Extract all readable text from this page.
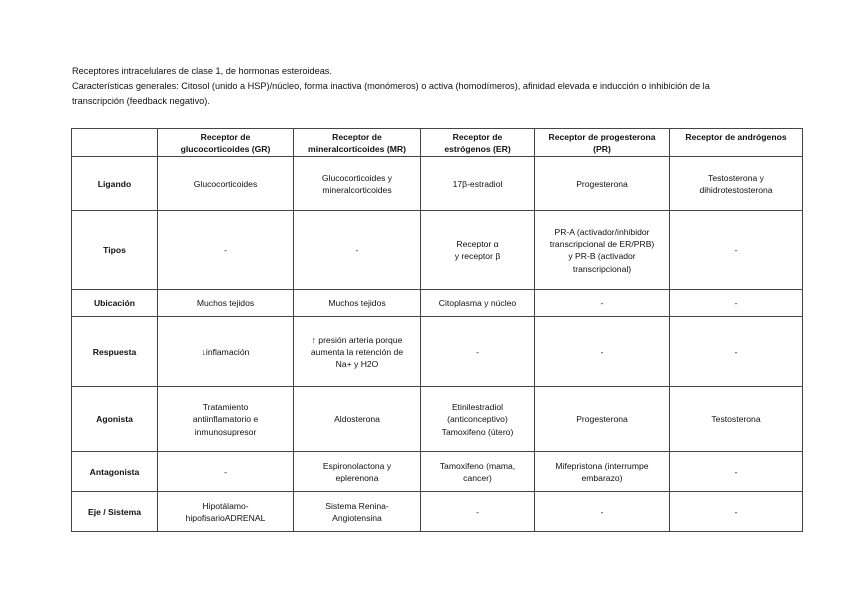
Receptores intracelulares de clase 1, de hormonas esteroideas.

Características generales: Citosol (unido a HSP)/núcleo, forma inactiva (monómeros) o activa (homodímeros), afinidad elevada e inducción o inhibición de la

transcripción (feedback negativo).

	Receptor de
glucocorticoides (GR)	Receptor de
mineralcorticoides (MR)	Receptor de
estrógenos (ER)	Receptor de progesterona
(PR)	Receptor de andrógenos
Ligando	Glucocorticoides	Glucocorticoides y
mineralcorticoides	17β-estradiol	Progesterona	Testosterona y
dihidrotestosterona
Tipos	-	-	Receptor α
y receptor β	PR-A (activador/inhibidor
transcripcional de ER/PRB)
y PR-B (activador
transcripcional)	-
Ubicación	Muchos tejidos	Muchos tejidos	Citoplasma y núcleo	-	-
Respuesta	↓inflamación	↑ presión arteria porque
aumenta la retención de
Na+ y H2O	-	-	-
Agonista	Tratamiento
antiinflamatorio e
inmunosupresor	Aldosterona	Etinilestradiol
(anticonceptivo)
Tamoxifeno (útero)	Progesterona	Testosterona
Antagonista	-	Espironolactona y
eplerenona	Tamoxifeno (mama,
cancer)	Mifepristona (interrumpe
embarazo)	-
Eje / Sistema	Hipotálamo-
hipofisarioADRENAL	Sistema Renina-
Angiotensina	-	-	-
